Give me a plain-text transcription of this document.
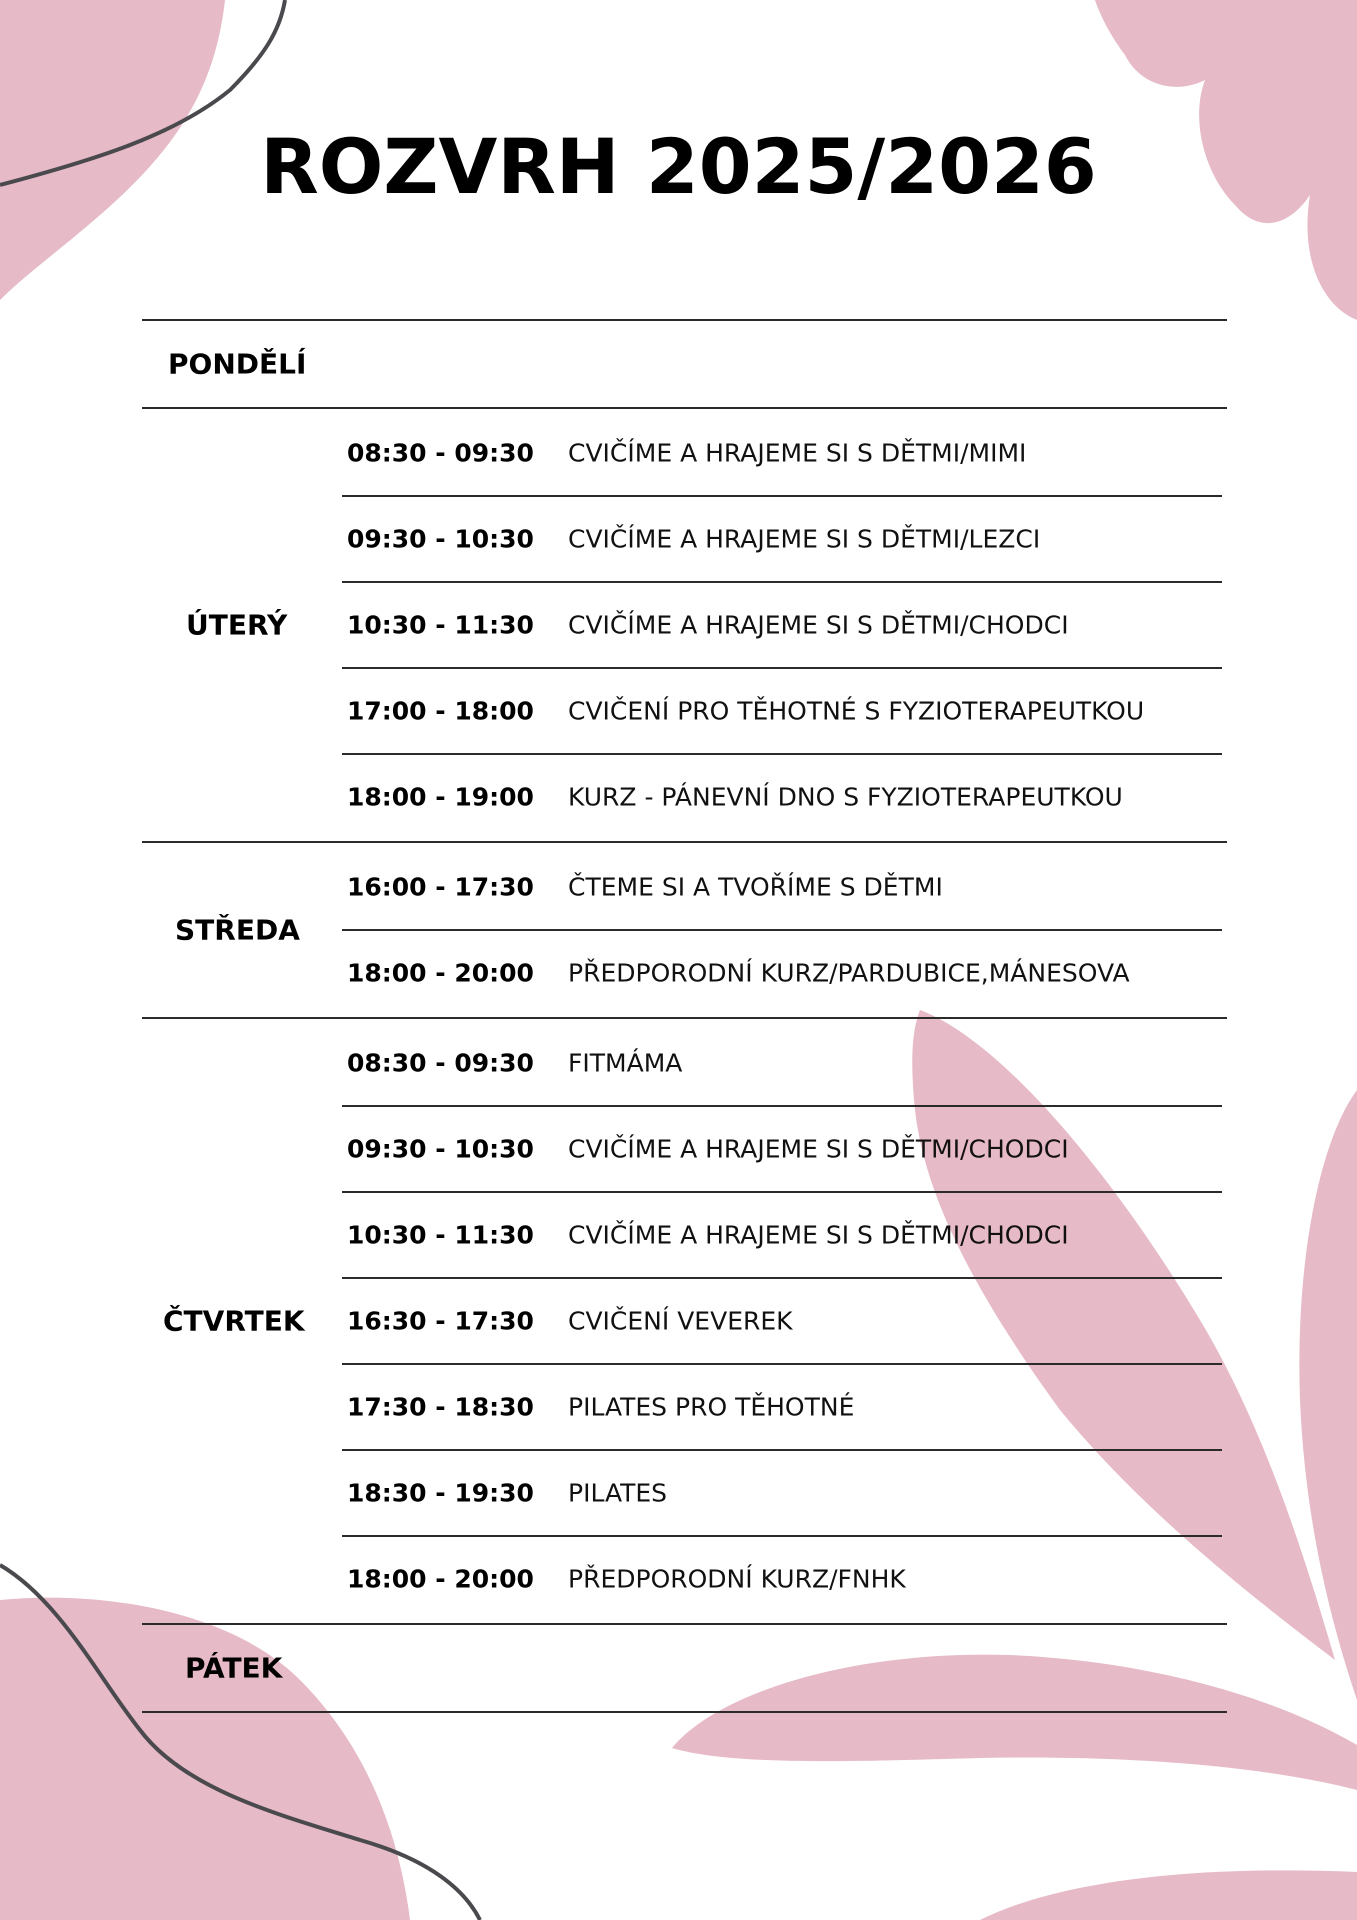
ROZVRH 2025/2026
PONDĚLÍ
ÚTERÝ
08:30 - 09:30 CVIČÍME A HRAJEME SI S DĚTMI/MIMI
09:30 - 10:30 CVIČÍME A HRAJEME SI S DĚTMI/LEZCI
10:30 - 11:30 CVIČÍME A HRAJEME SI S DĚTMI/CHODCI
17:00 - 18:00 CVIČENÍ PRO TĚHOTNÉ S FYZIOTERAPEUTKOU
18:00 - 19:00 KURZ - PÁNEVNÍ DNO S FYZIOTERAPEUTKOU
STŘEDA
16:00 - 17:30 ČTEME SI A TVOŘÍME S DĚTMI
18:00 - 20:00 PŘEDPORODNÍ KURZ/PARDUBICE,MÁNESOVA
ČTVRTEK
08:30 - 09:30 FITMÁMA
09:30 - 10:30 CVIČÍME A HRAJEME SI S DĚTMI/CHODCI
10:30 - 11:30 CVIČÍME A HRAJEME SI S DĚTMI/CHODCI
16:30 - 17:30 CVIČENÍ VEVEREK
17:30 - 18:30 PILATES PRO TĚHOTNÉ
18:30 - 19:30 PILATES
18:00 - 20:00 PŘEDPORODNÍ KURZ/FNHK
PÁTEK
